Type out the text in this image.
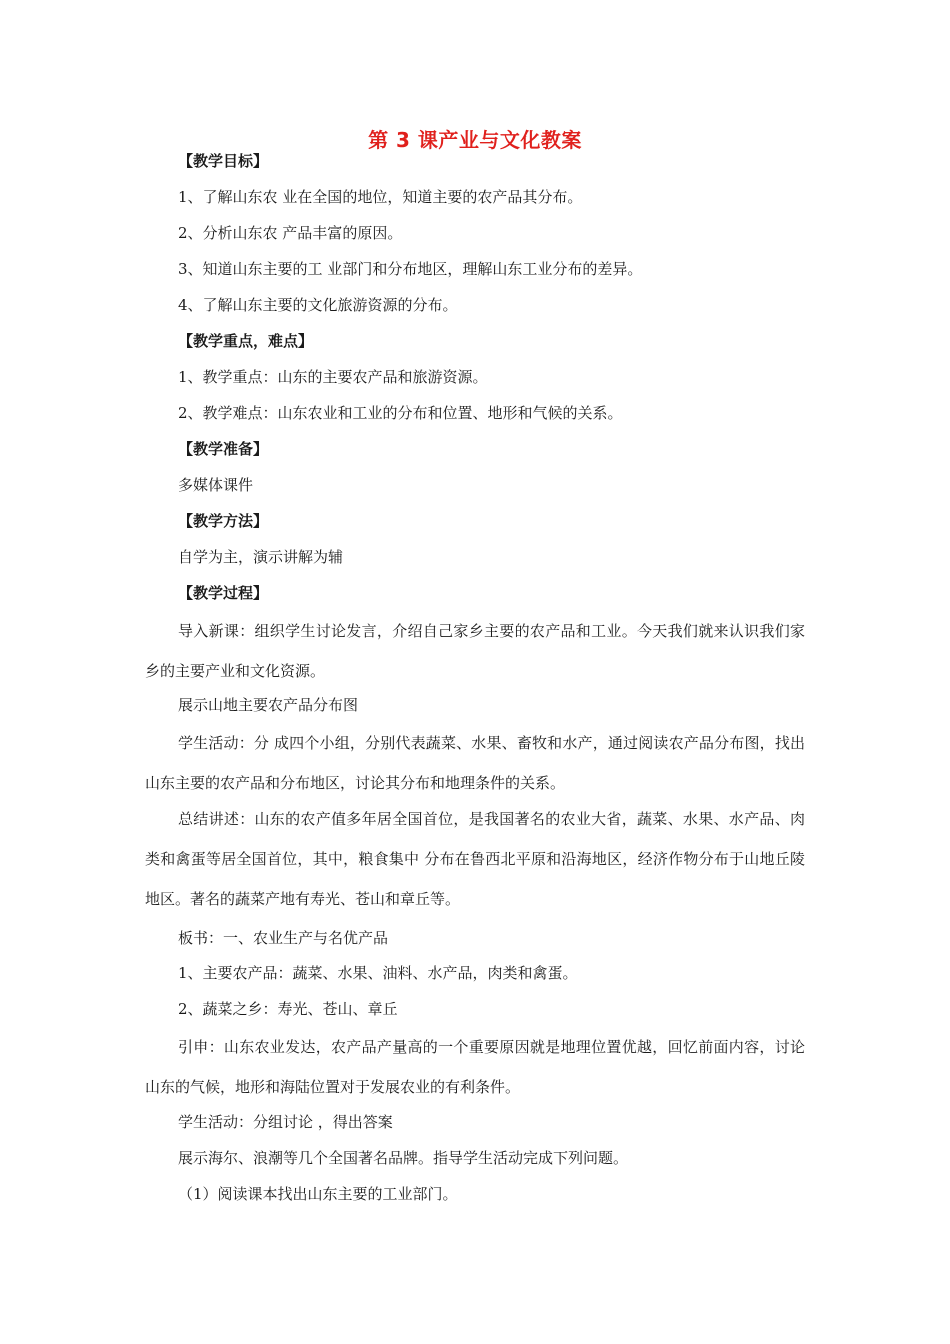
第 3 课产业与文化教案
【教学目标】
1、了解山东农 业在全国的地位，知道主要的农产品其分布。
2、分析山东农 产品丰富的原因。
3、知道山东主要的工 业部门和分布地区，理解山东工业分布的差异。
4、了解山东主要的文化旅游资源的分布。
【教学重点，难点】
1、教学重点：山东的主要农产品和旅游资源。
2、教学难点：山东农业和工业的分布和位置、地形和气候的关系。
【教学准备】
多媒体课件
【教学方法】
自学为主，演示讲解为辅
【教学过程】
导入新课：组织学生讨论发言，介绍自己家乡主要的农产品和工业。今天我们就来认识我们家乡的主要产业和文化资源。
展示山地主要农产品分布图
学生活动：分 成四个小组，分别代表蔬菜、水果、畜牧和水产，通过阅读农产品分布图，找出山东主要的农产品和分布地区，讨论其分布和地理条件的关系。
总结讲述：山东的农产值多年居全国首位，是我国著名的农业大省，蔬菜、水果、水产品、肉类和禽蛋等居全国首位，其中，粮食集中 分布在鲁西北平原和沿海地区，经济作物分布于山地丘陵地区。著名的蔬菜产地有寿光、苍山和章丘等。
板书：一、农业生产与名优产品
1、主要农产品：蔬菜、水果、油料、水产品，肉类和禽蛋。
2、蔬菜之乡：寿光、苍山、章丘
引申：山东农业发达，农产品产量高的一个重要原因就是地理位置优越，回忆前面内容，讨论山东的气候，地形和海陆位置对于发展农业的有利条件。
学生活动：分组讨论 ，得出答案
展示海尔、浪潮等几个全国著名品牌。指导学生活动完成下列问题。
（1）阅读课本找出山东主要的工业部门。
